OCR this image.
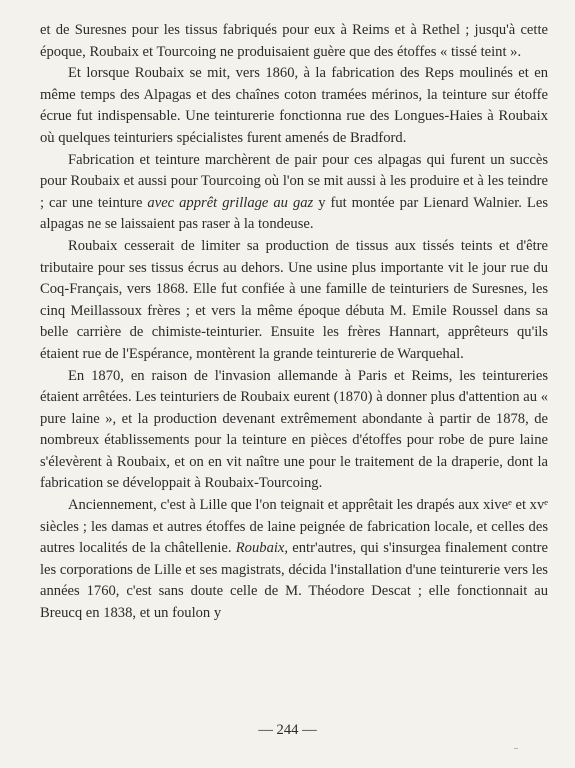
et de Suresnes pour les tissus fabriqués pour eux à Reims et à Rethel ; jusqu'à cette époque, Roubaix et Tourcoing ne produisaient guère que des étoffes « tissé teint ».

Et lorsque Roubaix se mit, vers 1860, à la fabrication des Reps moulinés et en même temps des Alpagas et des chaînes coton tramées mérinos, la teinture sur étoffe écrue fut indispensable. Une teinturerie fonctionna rue des Longues-Haies à Roubaix où quelques teinturiers spécialistes furent amenés de Bradford.

Fabrication et teinture marchèrent de pair pour ces alpagas qui furent un succès pour Roubaix et aussi pour Tourcoing où l'on se mit aussi à les produire et à les teindre ; car une teinture avec apprêt grillage au gaz y fut montée par Lienard Walnier. Les alpagas ne se laissaient pas raser à la tondeuse.

Roubaix cesserait de limiter sa production de tissus aux tissés teints et d'être tributaire pour ses tissus écrus au dehors. Une usine plus importante vit le jour rue du Coq-Français, vers 1868. Elle fut confiée à une famille de teinturiers de Suresnes, les cinq Meillassoux frères ; et vers la même époque débuta M. Emile Roussel dans sa belle carrière de chimiste-teinturier. Ensuite les frères Hannart, apprêteurs qu'ils étaient rue de l'Espérance, montèrent la grande teinturerie de Warquehal.

En 1870, en raison de l'invasion allemande à Paris et Reims, les teintureries étaient arrêtées. Les teinturiers de Roubaix eurent (1870) à donner plus d'attention au « pure laine », et la production devenant extrêmement abondante à partir de 1878, de nombreux établissements pour la teinture en pièces d'étoffes pour robe de pure laine s'élevèrent à Roubaix, et on en vit naître une pour le traitement de la draperie, dont la fabrication se développait à Roubaix-Tourcoing.

Anciennement, c'est à Lille que l'on teignait et apprêtait les drapés aux xiveᵉ et xvᵉ siècles ; les damas et autres étoffes de laine peignée de fabrication locale, et celles des autres localités de la châtellenie. Roubaix, entr'autres, qui s'insurgea finalement contre les corporations de Lille et ses magistrats, décida l'installation d'une teinturerie vers les années 1760, c'est sans doute celle de M. Théodore Descat ; elle fonctionnait au Breucq en 1838, et un foulon y

— 244 —
